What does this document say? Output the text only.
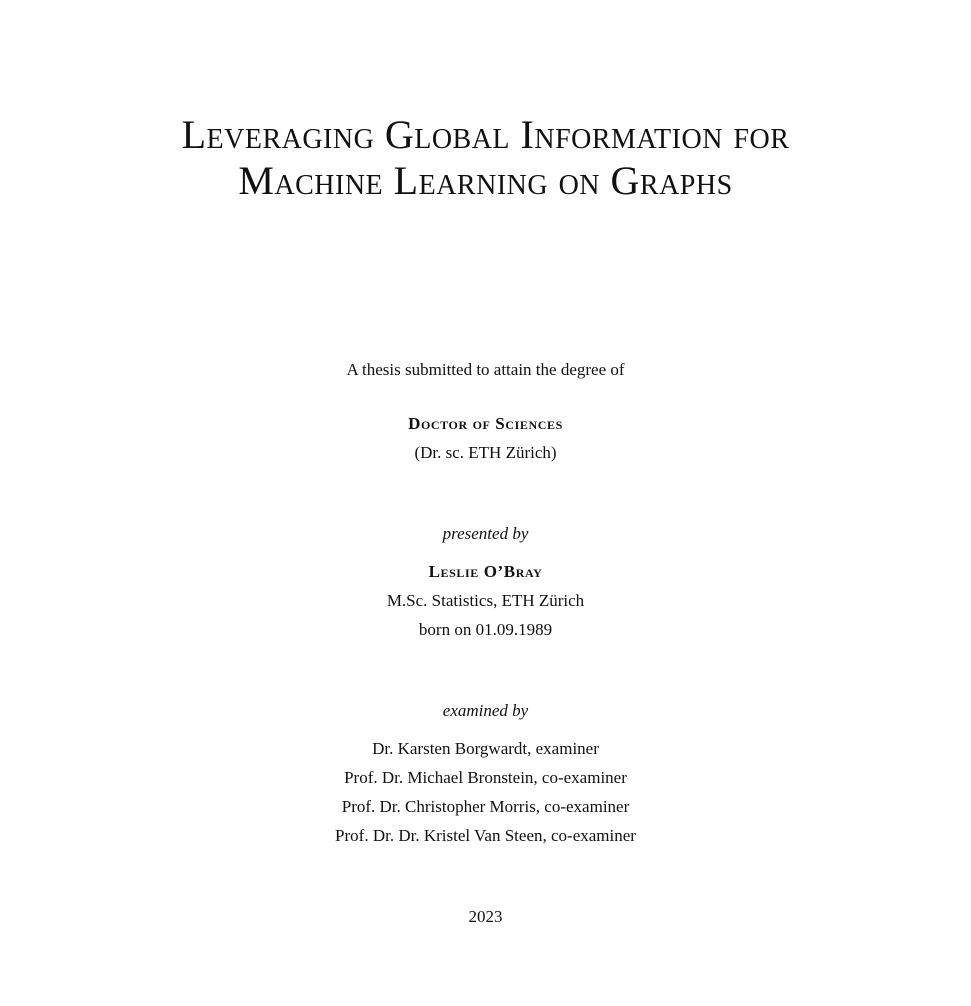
Leveraging Global Information for
Machine Learning on Graphs

A thesis submitted to attain the degree of

Doctor of Sciences

(Dr. sc. ETH Zürich)

presented by

Leslie O’Bray

M.Sc. Statistics, ETH Zürich

born on 01.09.1989

examined by

Dr. Karsten Borgwardt, examiner

Prof. Dr. Michael Bronstein, co-examiner

Prof. Dr. Christopher Morris, co-examiner

Prof. Dr. Dr. Kristel Van Steen, co-examiner

2023
